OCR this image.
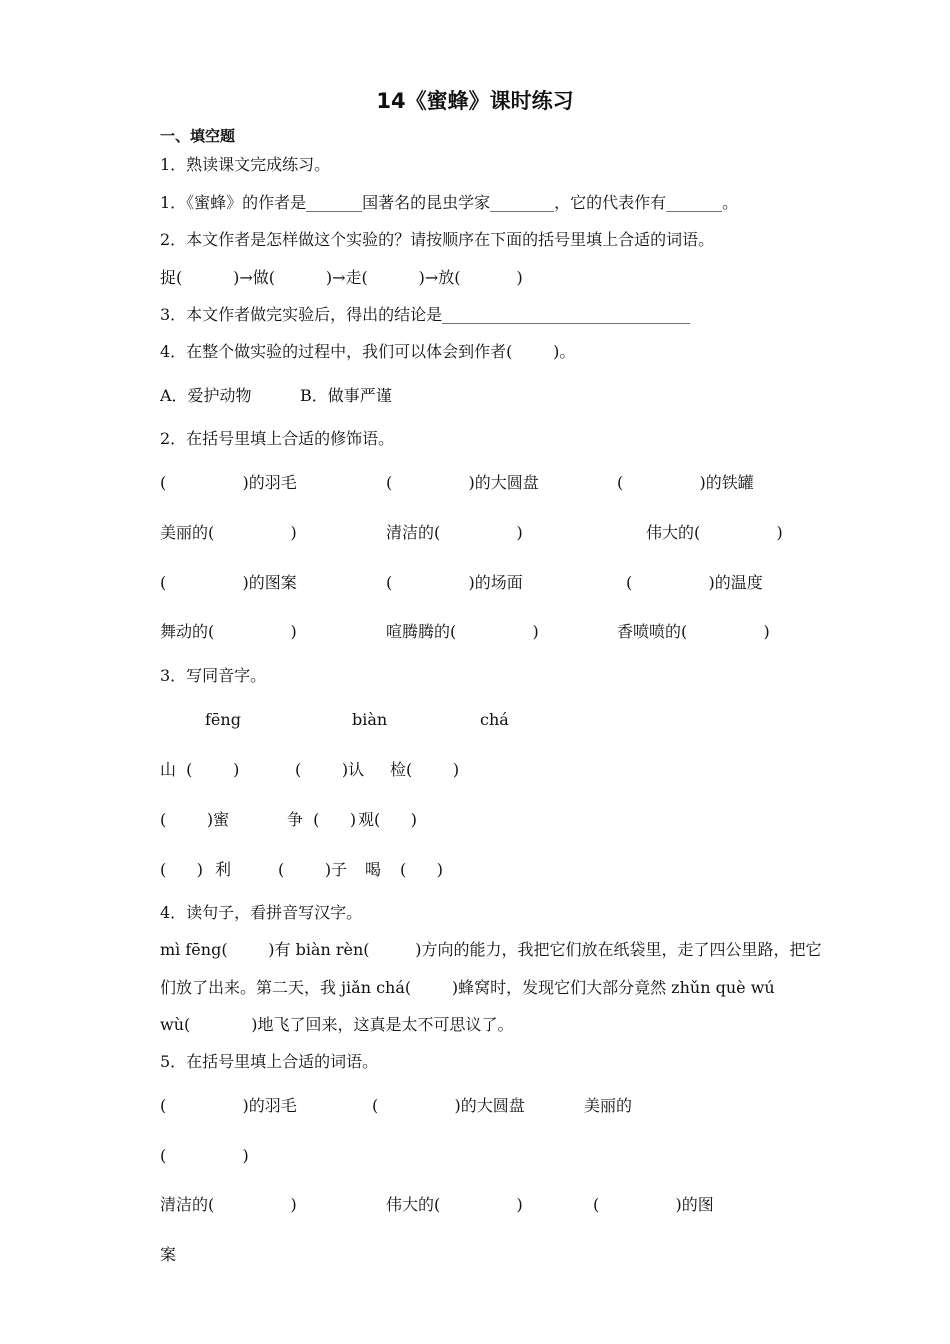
14《蜜蜂》课时练习
一、填空题
1．熟读课文完成练习。
1．《蜜蜂》的作者是_______国著名的昆虫学家________，它的代表作有_______。
2．本文作者是怎样做这个实验的？请按顺序在下面的括号里填上合适的词语。
捉(          )→做(          )→走(          )→放(           )
3．本文作者做完实验后，得出的结论是_______________________________
4．在整个做实验的过程中，我们可以体会到作者(        )。
A．爱护动物	B．做事严谨
2．在括号里填上合适的修饰语。
(               )的羽毛	(               )的大圆盘	(               )的铁罐
美丽的(               )	清洁的(               )	伟大的(               )
(               )的图案	(               )的场面	(               )的温度
舞动的(               )	喧腾腾的(               )	香喷喷的(               )
3．写同音字。
fēng	biàn	chá
山  (        )	(        )认 检(        )
(        )蜜	争  (      ) 观(      )
(      ) 利	(        )子 喝 (      )
4．读句子，看拼音写汉字。
mì fēng(        )有 biàn rèn(         )方向的能力，我把它们放在纸袋里，走了四公里路，把它
们放了出来。第二天，我 jiǎn chá(        )蜂窝时，发现它们大部分竟然 zhǔn què wú
wù(            )地飞了回来，这真是太不可思议了。
5．在括号里填上合适的词语。
(               )的羽毛	(               )的大圆盘	美丽的
(               )
清洁的(               )	伟大的(               )	(               )的图
案
